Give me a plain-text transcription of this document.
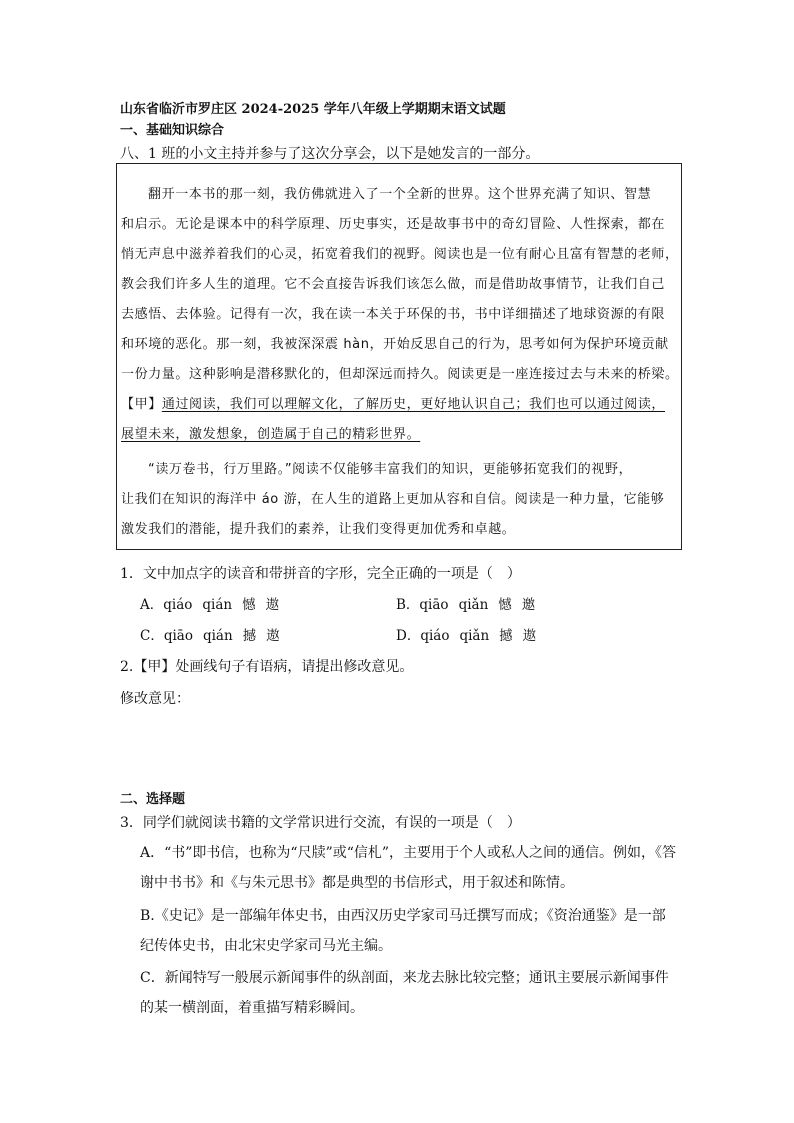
山东省临沂市罗庄区 2024-2025 学年八年级上学期期末语文试题
一、基础知识综合
八、1 班的小文主持并参与了这次分享会，以下是她发言的一部分。
翻开一本书的那一刻，我仿佛就进入了一个全新的世界。这个世界充满了知识、智慧
和启示。无论是课本中的科学原理、历史事实，还是故事书中的奇幻冒险、人性探索，都在
悄无声息中滋养着我们的心灵，拓宽着我们的视野。阅读也是一位有耐心且富有智慧的老师，
教会我们许多人生的道理。它不会直接告诉我们该怎么做，而是借助故事情节，让我们自己
去感悟、去体验。记得有一次，我在读一本关于环保的书，书中详细描述了地球资源的有限
和环境的恶化。那一刻，我被深深震 hàn，开始反思自己的行为，思考如何为保护环境贡献
一份力量。这种影响是潜移默化的，但却深远而持久。阅读更是一座连接过去与未来的桥梁。
【甲】通过阅读，我们可以理解文化，了解历史，更好地认识自己；我们也可以通过阅读，
展望未来，激发想象，创造属于自己的精彩世界。
“读万卷书，行万里路。”阅读不仅能够丰富我们的知识，更能够拓宽我们的视野，
让我们在知识的海洋中 áo 游，在人生的道路上更加从容和自信。阅读是一种力量，它能够
激发我们的潜能，提升我们的素养，让我们变得更加优秀和卓越。
1．文中加点字的读音和带拼音的字形，完全正确的一项是（　）
A．qiáo qián 憾 遨	B．qiāo qiǎn 憾 邀
C．qiāo qián 撼 遨	D．qiáo qiǎn 撼 遨
2.【甲】处画线句子有语病，请提出修改意见。
修改意见：
二、选择题
3．同学们就阅读书籍的文学常识进行交流，有误的一项是（　）
A．“书”即书信，也称为“尺牍”或“信札”，主要用于个人或私人之间的通信。例如，《答
谢中书书》和《与朱元思书》都是典型的书信形式，用于叙述和陈情。
B.《史记》是一部编年体史书，由西汉历史学家司马迁撰写而成；《资治通鉴》是一部
纪传体史书，由北宋史学家司马光主编。
C．新闻特写一般展示新闻事件的纵剖面，来龙去脉比较完整；通讯主要展示新闻事件
的某一横剖面，着重描写精彩瞬间。
